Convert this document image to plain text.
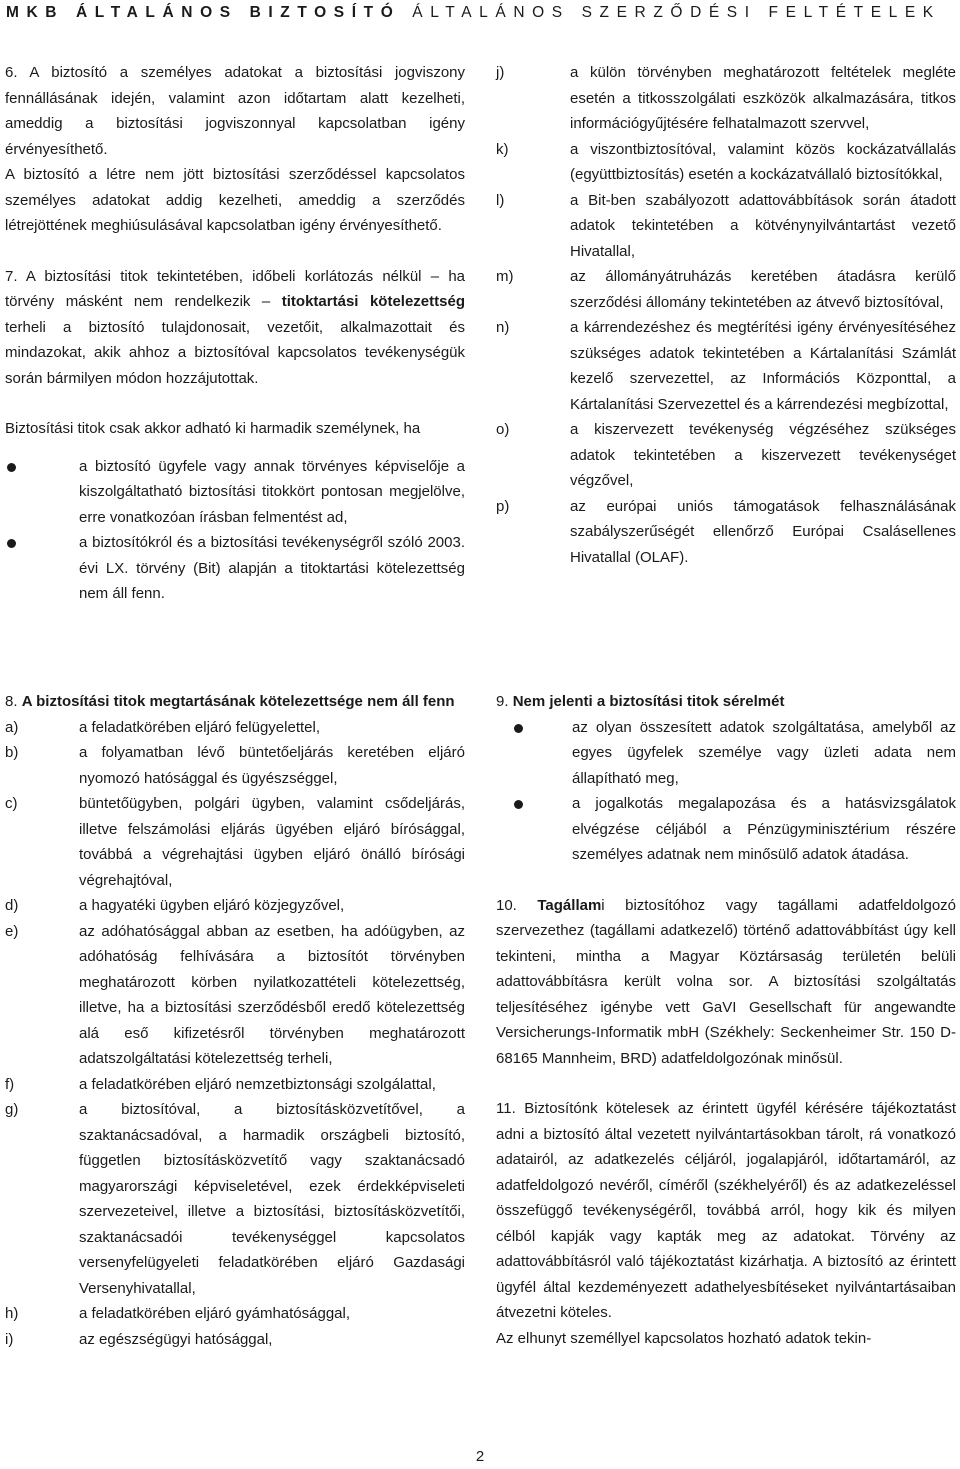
MKB ÁLTALÁNOS BIZTOSÍTÓ ÁLTALÁNOS SZERZŐDÉSI FELTÉTELEK

6. A biztosító a személyes adatokat a biztosítási jogviszony fennállásának idején, valamint azon időtartam alatt kezelheti, ameddig a biztosítási jogviszonnyal kapcsolatban igény érvényesíthető.

A biztosító a létre nem jött biztosítási szerződéssel kapcsolatos személyes adatokat addig kezelheti, ameddig a szerződés létrejöttének meghiúsulásával kapcsolatban igény érvényesíthető.

7. A biztosítási titok tekintetében, időbeli korlátozás nélkül – ha törvény másként nem rendelkezik – titoktartási kötelezettség terheli a biztosító tulajdonosait, vezetőit, alkalmazottait és mindazokat, akik ahhoz a biztosítóval kapcsolatos tevékenységük során bármilyen módon hozzájutottak.

Biztosítási titok csak akkor adható ki harmadik személynek, ha

a biztosító ügyfele vagy annak törvényes képviselője a kiszolgáltatható biztosítási titokkört pontosan megjelölve, erre vonatkozóan írásban felmentést ad,
a biztosítókról és a biztosítási tevékenységről szóló 2003. évi LX. törvény (Bit) alapján a titoktartási kötelezettség nem áll fenn.
j)	a külön törvényben meghatározott feltételek megléte esetén a titkosszolgálati eszközök alkalmazására, titkos információgyűjtésére felhatalmazott szervvel,
k)	a viszontbiztosítóval, valamint közös kockázatvállalás (együttbiztosítás) esetén a kockázatvállaló biztosítókkal,
l)	a Bit-ben szabályozott adattovábbítások során átadott adatok tekintetében a kötvénynyilvántartást vezető Hivatallal,
m)	az állományátruházás keretében átadásra kerülő szerződési állomány tekintetében az átvevő biztosítóval,
n)	a kárrendezéshez és megtérítési igény érvényesítéséhez szükséges adatok tekintetében a Kártalanítási Számlát kezelő szervezettel, az Információs Központtal, a Kártalanítási Szervezettel és a kárrendezési megbízottal,
o)	a kiszervezett tevékenység végzéséhez szükséges adatok tekintetében a kiszervezett tevékenységet végzővel,
p)	az európai uniós támogatások felhasználásának szabályszerűségét ellenőrző Európai Csalásellenes Hivatallal (OLAF).

8. A biztosítási titok megtartásának kötelezettsége nem áll fenn

a)	a feladatkörében eljáró felügyelettel,
b)	a folyamatban lévő büntetőeljárás keretében eljáró nyomozó hatósággal és ügyészséggel,
c)	büntetőügyben, polgári ügyben, valamint csődeljárás, illetve felszámolási eljárás ügyében eljáró bírósággal, továbbá a végrehajtási ügyben eljáró önálló bírósági végrehajtóval,
d)	a hagyatéki ügyben eljáró közjegyzővel,
e)	az adóhatósággal abban az esetben, ha adóügyben, az adóhatóság felhívására a biztosítót törvényben meghatározott körben nyilatkozattételi kötelezettség, illetve, ha a biztosítási szerződésből eredő kötelezettség alá eső kifizetésről törvényben meghatározott adatszolgáltatási kötelezettség terheli,
f)	a feladatkörében eljáró nemzetbiztonsági szolgálattal,
g)	a biztosítóval, a biztosításközvetítővel, a szaktanácsadóval, a harmadik országbeli biztosító, független biztosításközvetítő vagy szaktanácsadó magyarországi képviseletével, ezek érdekképviseleti szervezeteivel, illetve a biztosítási, biztosításközvetítői, szaktanácsadói tevékenységgel kapcsolatos versenyfelügyeleti feladatkörében eljáró Gazdasági Versenyhivatallal,
h)	a feladatkörében eljáró gyámhatósággal,
i)	az egészségügyi hatósággal,

9. Nem jelenti a biztosítási titok sérelmét

az olyan összesített adatok szolgáltatása, amelyből az egyes ügyfelek személye vagy üzleti adata nem állapítható meg,
a jogalkotás megalapozása és a hatásvizsgálatok elvégzése céljából a Pénzügyminisztérium részére személyes adatnak nem minősülő adatok átadása.

10. Tagállami biztosítóhoz vagy tagállami adatfeldolgozó szervezethez (tagállami adatkezelő) történő adattovábbítást úgy kell tekinteni, mintha a Magyar Köztársaság területén belüli adattovábbításra került volna sor. A biztosítási szolgáltatás teljesítéséhez igénybe vett GaVI Gesellschaft für angewandte Versicherungs-Informatik mbH (Székhely: Seckenheimer Str. 150 D-68165 Mannheim, BRD) adatfeldolgozónak minősül.

11. Biztosítónk kötelesek az érintett ügyfél kérésére tájékoztatást adni a biztosító által vezetett nyilvántartásokban tárolt, rá vonatkozó adatairól, az adatkezelés céljáról, jogalapjáról, időtartamáról, az adatfeldolgozó nevéről, címéről (székhelyéről) és az adatkezeléssel összefüggő tevékenységéről, továbbá arról, hogy kik és milyen célból kapják vagy kapták meg az adatokat. Törvény az adattovábbításról való tájékoztatást kizárhatja. A biztosító az érintett ügyfél által kezdeményezett adathelyesbítéseket nyilvántartásaiban átvezetni köteles.

Az elhunyt személlyel kapcsolatos hozható adatok tekin-

2
